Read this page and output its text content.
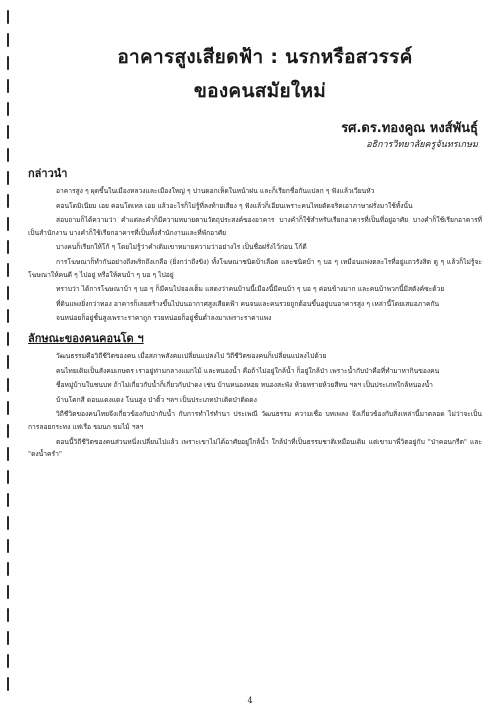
อาคารสูงเสียดฟ้า : นรกหรือสวรรค์
ของคนสมัยใหม่
รศ.ดร.ทองคูณ หงส์พันธุ์
อธิการวิทยาลัยครูจันทรเกษม
กล่าวนำ

อาคารสูง ๆ ผุดขึ้นในเมืองหลวงและเมืองใหญ่ ๆ ปานดอกเห็ดในหน้าฝน และก็เรียกชื่อกันแปลก ๆ ฟังแล้วเวียนหัว

คอนโดมิเนียม เอย คอนโดเทล เอย แล้วอะไรก็ไม่รู้ที่ลงท้ายเสียง ๆ ฟังแล้วก็เอียนเพราะคนไทยดัดจริตเอาภาษาฝรั่งมาใช้ทั้งนั้น

สอบถามก็ได้ความว่า คำแต่ละคำก็มีความหมายตามวัตถุประสงค์ของอาคาร บางคำก็ใช้สำหรับเรียกอาคารที่เป็นที่อยู่อาศัย บางคำก็ใช้เรียกอาคารที่เป็นสำนักงาน บางคำก็ใช้เรียกอาคารที่เป็นทั้งสำนักงานและที่พักอาศัย

บางคนก็เรียกให้โก้ ๆ โดยไม่รู้ว่าคำเดิมเขาหมายความว่าอย่างไร เป็นชื่อฝรั่งไว้ก่อน โก้ดี

การโฆษณาก็ทำกันอย่างถึงพริกถึงเกลือ (ยิ่งกว่าถึงขิง) ทั้งโฆษณาชนิดบ้าเลือด และชนิดบ้า ๆ บอ ๆ เหมือนแพ่งตละไรที่อยู่แถวรังสิต ดู ๆ แล้วก็ไม่รู้จะโฆษณาให้คนดี ๆ ไปอยู่ หรือให้คนบ้า ๆ บอ ๆ ไปอยู่

ทราบว่า ได้การโฆษณาบ้า ๆ บอ ๆ ก็มีคนไปจองเต็ม แสดงว่าคนบ้านนี้เมืองนี้มีคนบ้า ๆ บอ ๆ ค่อนข้างมาก และคนบ้าพวกนี้มีสตังค์ซะด้วย

ที่ดินแพงยิ่งกว่าทอง อาคารก็เลยสร้างขึ้นไปบนอากาศสูงเสียดฟ้า คนจนและคนรวยถูกต้อนขึ้นอยู่บนอาคารสูง ๆ เหล่านี้โดยเสมอภาคกัน

จนหน่อยก็อยู่ชั้นสูงเพราะราคาถูก รวยหน่อยก็อยู่ชั้นต่ำลงมาเพราะราคาแพง

ลักษณะของคนคอนโด ฯ

วัฒนธรรมคือวิถีชีวิตของคน เมื่อสภาพสังคมเปลี่ยนแปลงไป วิถีชีวิตของคนก็เปลี่ยนแปลงไปด้วย

คนไทยเดิมเป็นสังคมเกษตร เราอยู่ท่ามกลางแมกไม้ และหนองน้ำ คือถ้าไม่อยู่ใกล้น้ำ ก็อยู่ใกล้ป่า เพราะน้ำกับป่าคือที่ทำมาหากินของคน

ชื่อหมู่บ้านในชนบท ถ้าไม่เกี่ยวกับน้ำก็เกี่ยวกับป่าดง เช่น บ้านหนองหอย หนองสะพัง ห้วยทรายห้วยสีทน ฯลฯ เป็นประเภทใกล้หนองน้ำ

บ้านโคกสี ดอนแดงแดง โนนสูง ป่าติ้ว ฯลฯ เป็นประเภทป่าเติดป่าติดดง

วิถีชีวิตของคนไทยจึงเกี่ยวข้องกับป่ากับน้ำ กับการทำไร่ทำนา ประเพณี วัฒนธรรม ความเชื่อ บทเพลง จึงเกี่ยวข้องกับสิ่งเหล่านี้มาตลอด ไม่ว่าจะเป็น การลอยกระทง แห่เรือ ขมนก ขมไม้ ฯลฯ

ตอนนี้วิถีชีวิตของคนส่วนหนึ่งเปลี่ยนไปแล้ว เพราะเขาไม่ได้อาศัยอยู่ใกล้น้ำ ใกล้ป่าที่เป็นธรรมชาติเหมือนเดิม แต่เขามาพี่วิตอยู่กับ "ป่าคอนกรีต" และ "ดงน้ำครำ"

4
